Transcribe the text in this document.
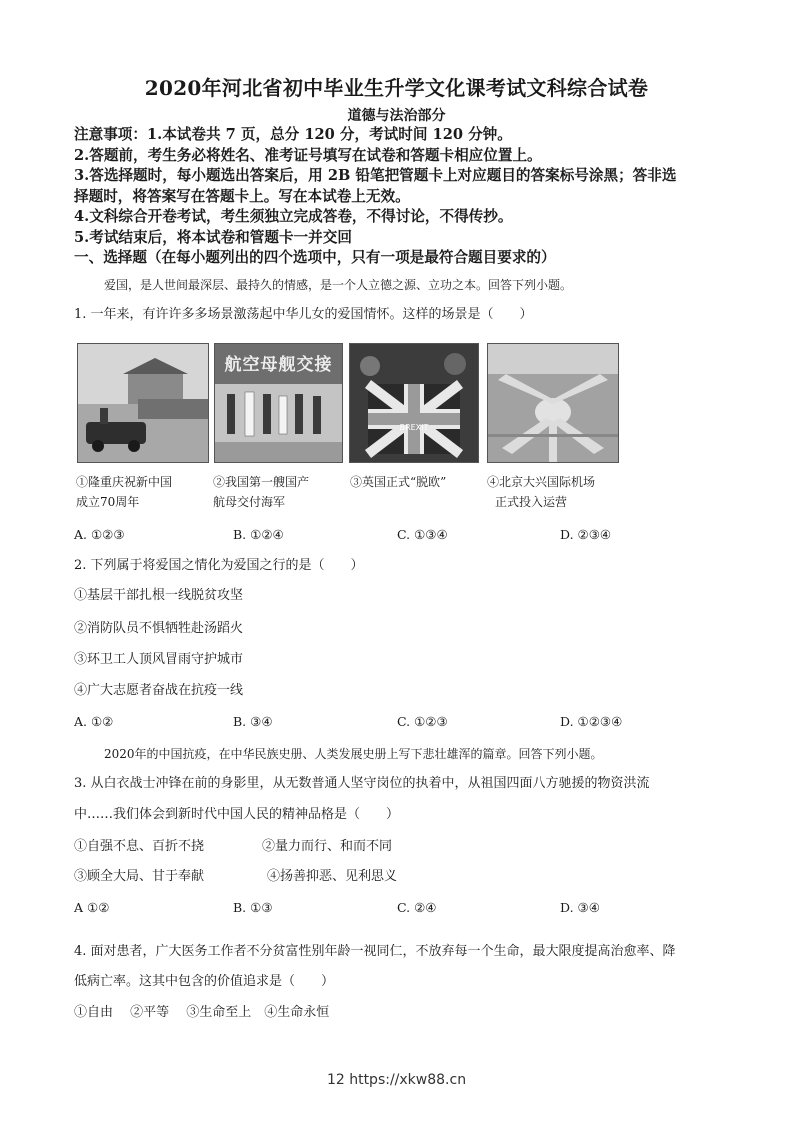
2020年河北省初中毕业生升学文化课考试文科综合试卷
道德与法治部分
注意事项：1.本试卷共 7 页，总分 120 分，考试时间 120 分钟。
2.答题前，考生务必将姓名、准考证号填写在试卷和答题卡相应位置上。
3.答选择题时，每小题选出答案后，用 2B 铅笔把管题卡上对应题目的答案标号涂黑；答非选
择题时，将答案写在答题卡上。写在本试卷上无效。
4.文科综合开卷考试，考生须独立完成答卷，不得讨论，不得传抄。
5.考试结束后，将本试卷和管题卡一并交回
一、选择题（在每小题列出的四个选项中，只有一项是最符合题目要求的）
爱国，是人世间最深层、最持久的情感，是一个人立德之源、立功之本。回答下列小题。
1. 一年来，有许许多多场景激荡起中华儿女的爱国情怀。这样的场景是（　　）
航空母舰交接
BREXIT
①隆重庆祝新中国
成立70周年
②我国第一艘国产
航母交付海军
③英国正式“脱欧”	④北京大兴国际机场
正式投入运营
A. ①②③	B. ①②④	C. ①③④	D. ②③④
2. 下列属于将爱国之情化为爱国之行的是（　　）
①基层干部扎根一线脱贫攻坚
②消防队员不惧牺牲赴汤蹈火
③环卫工人顶风冒雨守护城市
④广大志愿者奋战在抗疫一线
A. ①②	B. ③④	C. ①②③	D. ①②③④
2020年的中国抗疫，在中华民族史册、人类发展史册上写下悲壮雄浑的篇章。回答下列小题。
3. 从白衣战士冲锋在前的身影里，从无数普通人坚守岗位的执着中，从祖国四面八方驰援的物资洪流
中……我们体会到新时代中国人民的精神品格是（　　）
①自强不息、百折不挠	②量力而行、和而不同
③顾全大局、甘于奉献	④扬善抑恶、见利思义
A ①②	B. ①③	C. ②④	D. ③④
4. 面对患者，广大医务工作者不分贫富性别年龄一视同仁，不放弃每一个生命，最大限度提高治愈率、降
低病亡率。这其中包含的价值追求是（　　）
①自由　 ②平等　 ③生命至上　④生命永恒
12 https://xkw88.cn
